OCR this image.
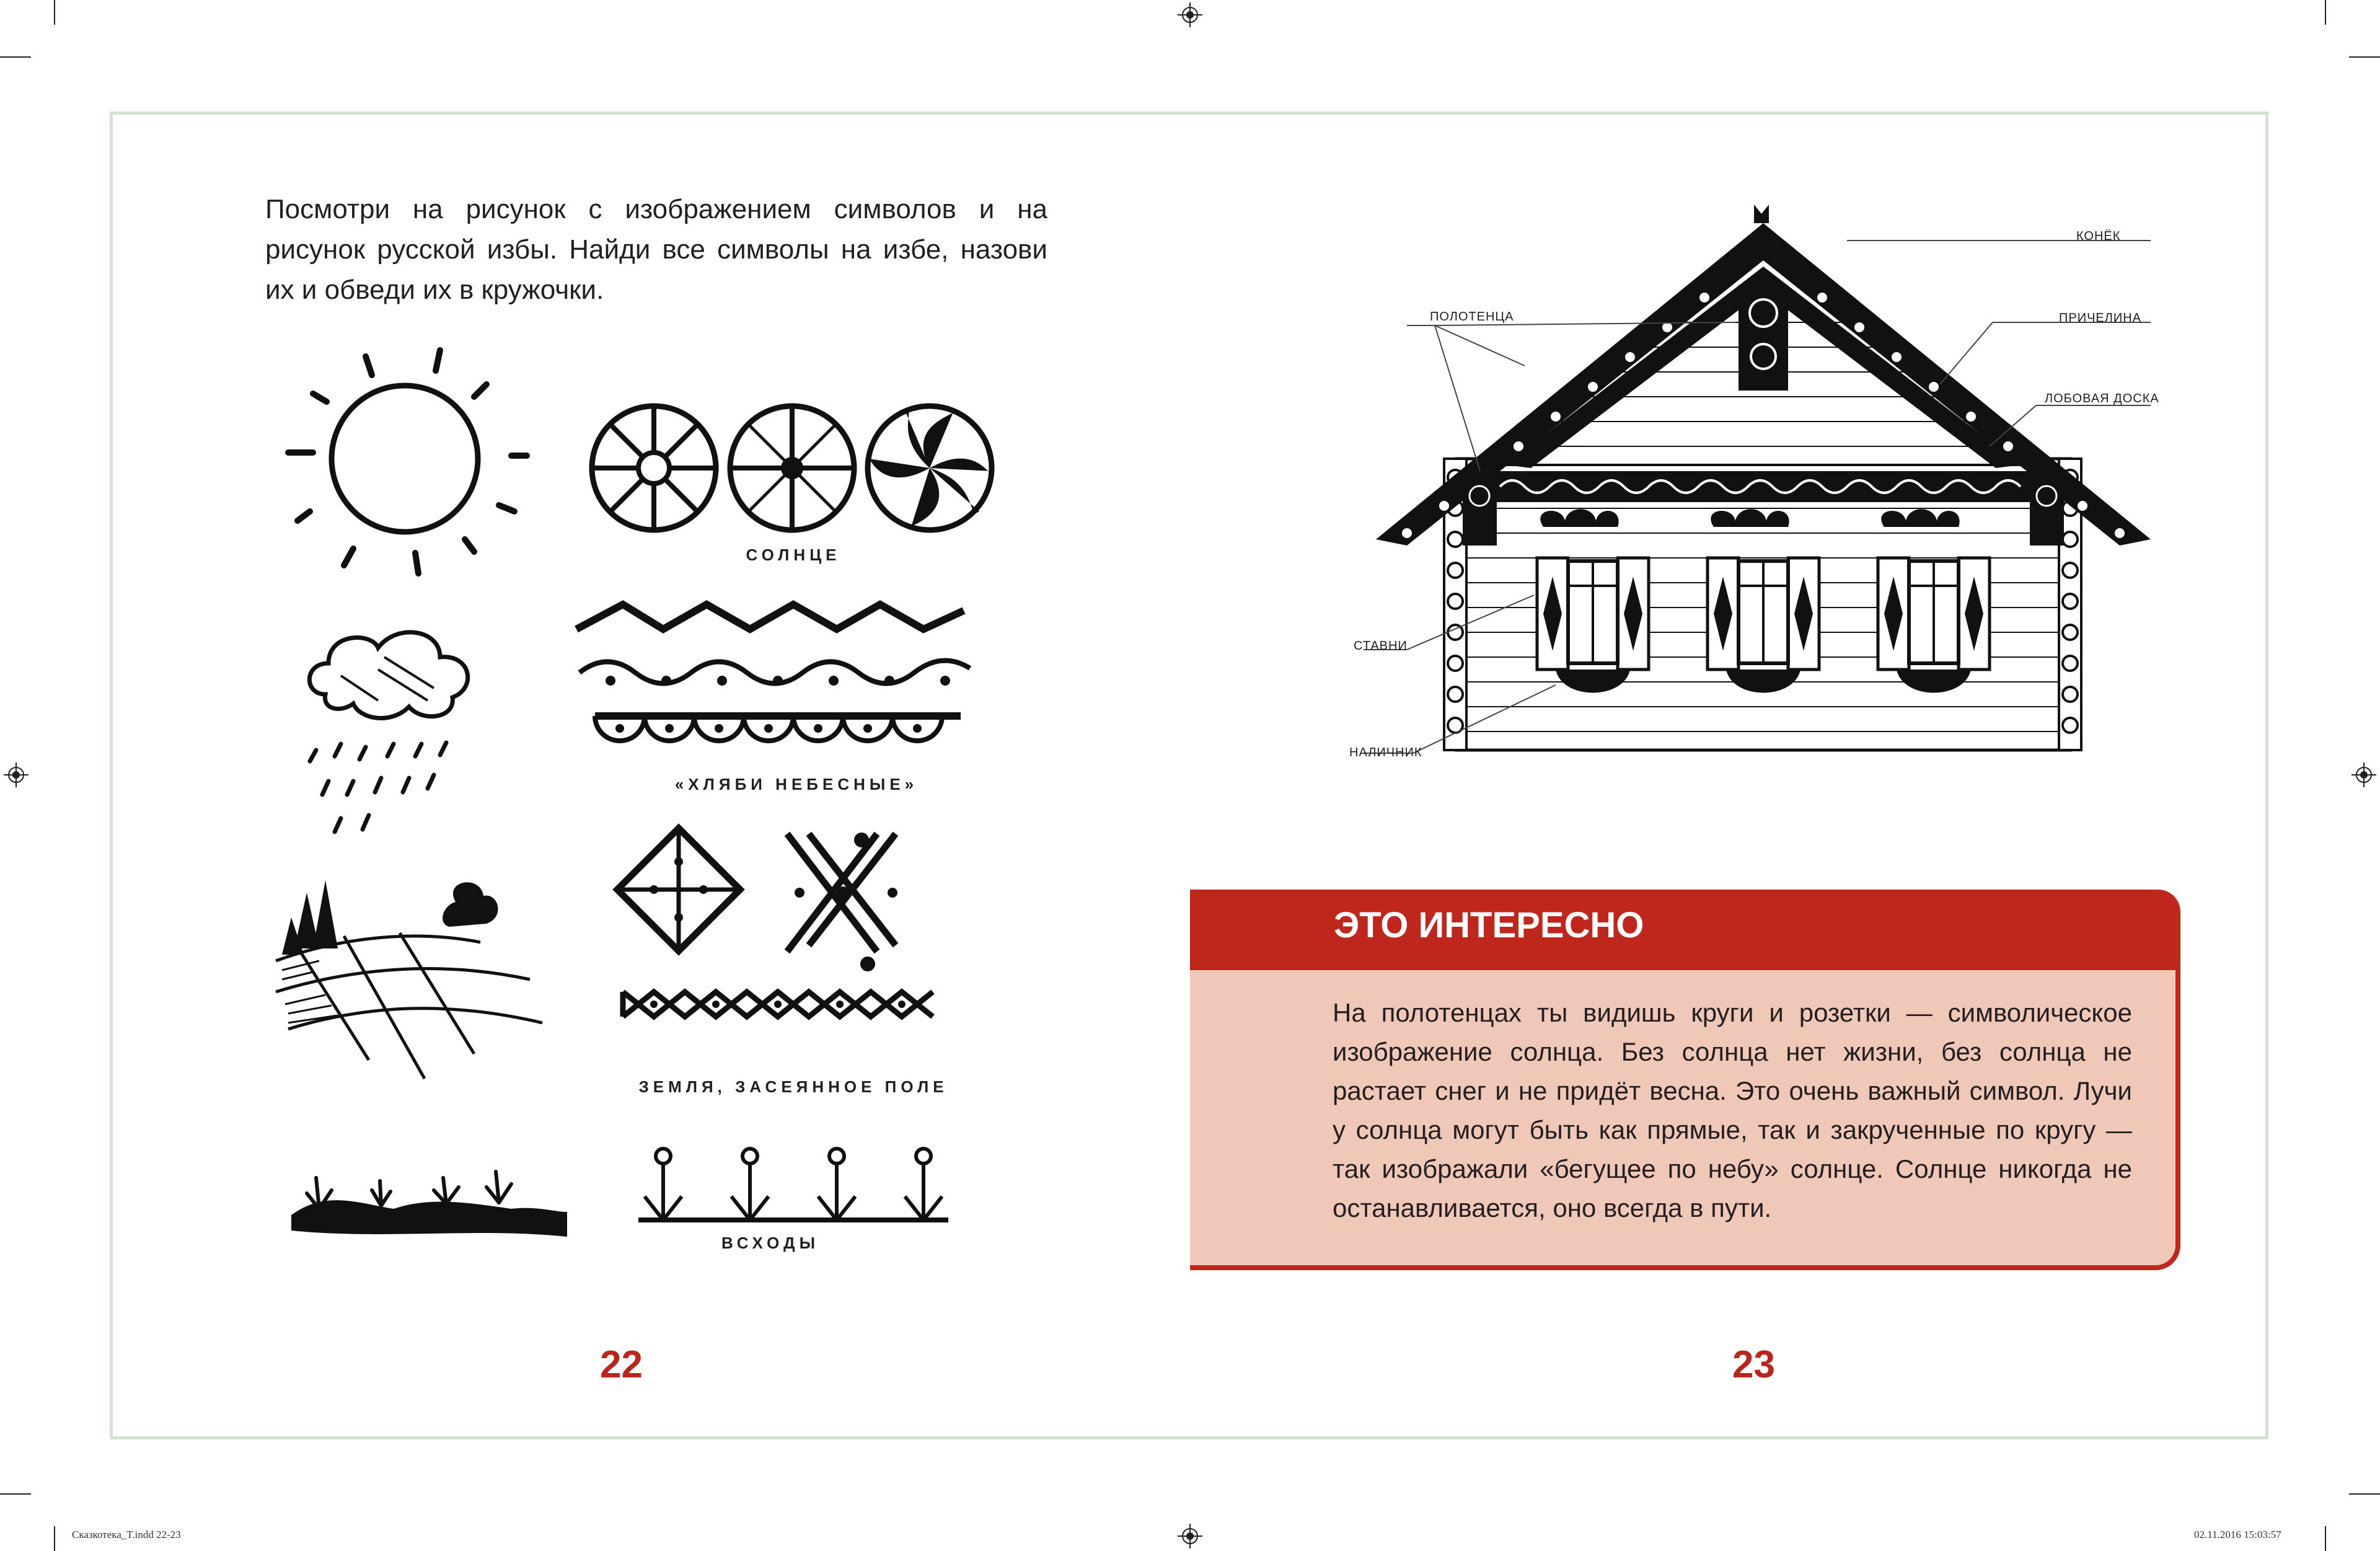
Посмотри на рисунок с изображением символов и на рисунок русской избы. Найди все символы на избе, назови их и обведи их в кружочки.
СОЛНЦЕ
«ХЛЯБИ НЕБЕСНЫЕ»
ЗЕМЛЯ, ЗАСЕЯННОЕ ПОЛЕ
ВСХОДЫ
22
КОНЁК
ПОЛОТЕНЦА	ПРИЧЕЛИНА
ЛОБОВАЯ ДОСКА
СТАВНИ
НАЛИЧНИК
ЭТО ИНТЕРЕСНО
На полотенцах ты видишь круги и розетки — символическое изображение солнца. Без солнца нет жизни, без солнца не растает снег и не придёт весна. Это очень важный символ. Лучи у солнца могут быть как прямые, так и закрученные по кругу — так изображали «бегущее по небу» солнце. Солнце никогда не останавливается, оно всегда в пути.
23
Сказкотека_T.indd 22-23	02.11.2016 15:03:57
